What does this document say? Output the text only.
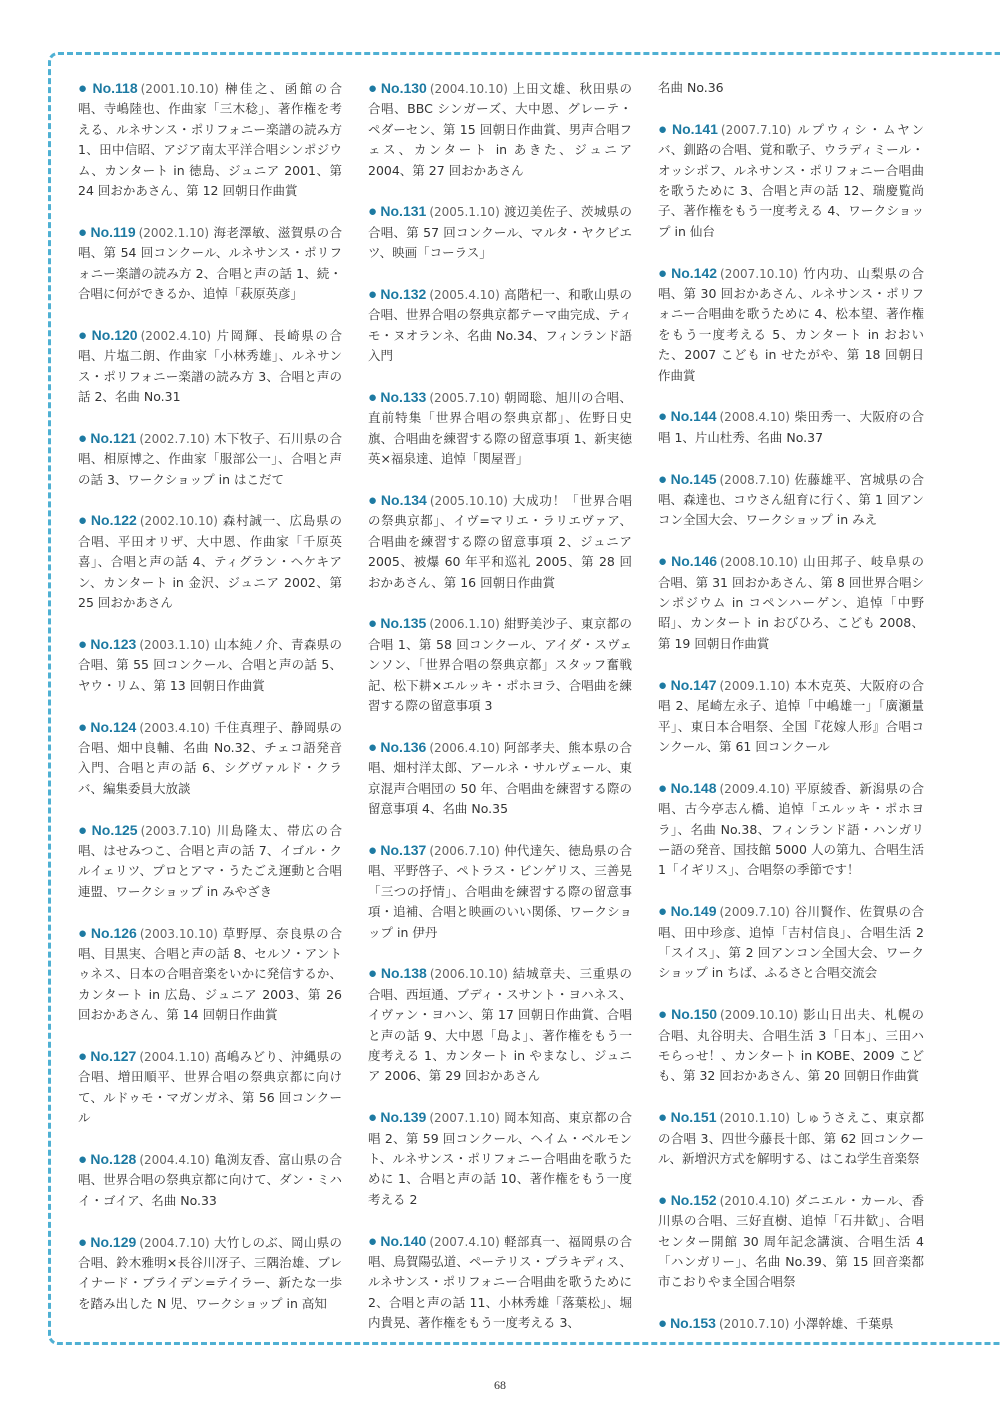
● No.118 (2001.10.10) 榊佳之、函館の合唱、寺嶋陸也、作曲家「三木稔」、著作権を考える、ルネサンス・ポリフォニー楽譜の読み方 1、田中信昭、アジア南太平洋合唱シンポジウム、カンタート in 徳島、ジュニア 2001、第 24 回おかあさん、第 12 回朝日作曲賞

● No.119 (2002.1.10) 海老澤敏、滋賀県の合唱、第 54 回コンクール、ルネサンス・ポリフォニー楽譜の読み方 2、合唱と声の話 1、続・合唱に何ができるか、追悼「萩原英彦」

● No.120 (2002.4.10) 片岡輝、長崎県の合唱、片塩二朗、作曲家「小林秀雄」、ルネサンス・ポリフォニー楽譜の読み方 3、合唱と声の話 2、名曲 No.31

● No.121 (2002.7.10) 木下牧子、石川県の合唱、相原博之、作曲家「服部公一」、合唱と声の話 3、ワークショップ in はこだて

● No.122 (2002.10.10) 森村誠一、広島県の合唱、平田オリザ、大中恩、作曲家「千原英喜」、合唱と声の話 4、ティグラン・ヘケキアン、カンタート in 金沢、ジュニア 2002、第 25 回おかあさん

● No.123 (2003.1.10) 山本純ノ介、青森県の合唱、第 55 回コンクール、合唱と声の話 5、ヤウ・リム、第 13 回朝日作曲賞

● No.124 (2003.4.10) 千住真理子、静岡県の合唱、畑中良輔、名曲 No.32、チェコ語発音入門、合唱と声の話 6、シグヴァルド・クラバ、編集委員大放談

● No.125 (2003.7.10) 川島隆太、帯広の合唱、はせみつこ、合唱と声の話 7、イゴル・クルイェリツ、プロとアマ・うたごえ運動と合唱連盟、ワークショップ in みやざき

● No.126 (2003.10.10) 草野厚、奈良県の合唱、目黒実、合唱と声の話 8、セルソ・アントゥネス、日本の合唱音楽をいかに発信するか、カンタート in 広島、ジュニア 2003、第 26 回おかあさん、第 14 回朝日作曲賞

● No.127 (2004.1.10) 髙嶋みどり、沖縄県の合唱、増田順平、世界合唱の祭典京都に向けて、ルドゥモ・マガンガネ、第 56 回コンクール

● No.128 (2004.4.10) 亀渕友香、富山県の合唱、世界合唱の祭典京都に向けて、ダン・ミハイ・ゴイア、名曲 No.33

● No.129 (2004.7.10) 大竹しのぶ、岡山県の合唱、鈴木雅明×長谷川冴子、三隅治雄、ブレイナード・ブライデン=テイラー、新たな一歩を踏み出した N 児、ワークショップ in 高知

● No.130 (2004.10.10) 上田文雄、秋田県の合唱、BBC シンガーズ、大中恩、グレーテ・ペダーセン、第 15 回朝日作曲賞、男声合唱フェス、カンタート in あきた、ジュニア 2004、第 27 回おかあさん

● No.131 (2005.1.10) 渡辺美佐子、茨城県の合唱、第 57 回コンクール、マルタ・ヤクビエツ、映画「コーラス」

● No.132 (2005.4.10) 高階杞一、和歌山県の合唱、世界合唱の祭典京都テーマ曲完成、ティモ・ヌオランネ、名曲 No.34、フィンランド語入門

● No.133 (2005.7.10) 朝岡聡、旭川の合唱、直前特集「世界合唱の祭典京都」、佐野日史旗、合唱曲を練習する際の留意事項 1、新実徳英×福泉達、追悼「関屋晋」

● No.134 (2005.10.10) 大成功！「世界合唱の祭典京都」、イヴ=マリエ・ラリエヴァア、合唱曲を練習する際の留意事項 2、ジュニア 2005、被爆 60 年平和巡礼 2005、第 28 回おかあさん、第 16 回朝日作曲賞

● No.135 (2006.1.10) 紺野美沙子、東京都の合唱 1、第 58 回コンクール、アイダ・スヴェンソン、「世界合唱の祭典京都」スタッフ奮戦記、松下耕×エルッキ・ポホヨラ、合唱曲を練習する際の留意事項 3

● No.136 (2006.4.10) 阿部孝夫、熊本県の合唱、畑村洋太郎、アールネ・サルヴェール、東京混声合唱団の 50 年、合唱曲を練習する際の留意事項 4、名曲 No.35

● No.137 (2006.7.10) 仲代達矢、徳島県の合唱、平野啓子、ペトラス・ビンゲリス、三善晃「三つの抒情」、合唱曲を練習する際の留意事項・追補、合唱と映画のいい関係、ワークショップ in 伊丹

● No.138 (2006.10.10) 結城章夫、三重県の合唱、西垣通、ブディ・スサント・ヨハネス、イヴァン・ヨハン、第 17 回朝日作曲賞、合唱と声の話 9、大中恩「島よ」、著作権をもう一度考える 1、カンタート in やまなし、ジュニア 2006、第 29 回おかあさん

● No.139 (2007.1.10) 岡本知高、東京都の合唱 2、第 59 回コンクール、ヘイム・ベルモント、ルネサンス・ポリフォニー合唱曲を歌うために 1、合唱と声の話 10、著作権をもう一度考える 2

● No.140 (2007.4.10) 軽部真一、福岡県の合唱、鳥賀陽弘道、ペーテリス・プラキディス、ルネサンス・ポリフォニー合唱曲を歌うために 2、合唱と声の話 11、小林秀雄「落葉松」、堀内貴晃、著作権をもう一度考える 3、

名曲 No.36

● No.141 (2007.7.10) ルプウィシ・ムヤンバ、釧路の合唱、覚和歌子、ウラディミール・オッシポフ、ルネサンス・ポリフォニー合唱曲を歌うために 3、合唱と声の話 12、瑞慶覧尚子、著作権をもう一度考える 4、ワークショップ in 仙台

● No.142 (2007.10.10) 竹内功、山梨県の合唱、第 30 回おかあさん、ルネサンス・ポリフォニー合唱曲を歌うために 4、松本望、著作権をもう一度考える 5、カンタート in おおいた、2007 こども in せたがや、第 18 回朝日作曲賞

● No.144 (2008.4.10) 柴田秀一、大阪府の合唱 1、片山杜秀、名曲 No.37

● No.145 (2008.7.10) 佐藤雄平、宮城県の合唱、森達也、コウさん紐育に行く、第 1 回アンコン全国大会、ワークショップ in みえ

● No.146 (2008.10.10) 山田邦子、岐阜県の合唱、第 31 回おかあさん、第 8 回世界合唱シンポジウム in コペンハーゲン、追悼「中野昭」、カンタート in おびひろ、こども 2008、第 19 回朝日作曲賞

● No.147 (2009.1.10) 本木克英、大阪府の合唱 2、尾崎左永子、追悼「中嶋雄一」「廣瀬量平」、東日本合唱祭、全国『花嫁人形』合唱コンクール、第 61 回コンクール

● No.148 (2009.4.10) 平原綾香、新潟県の合唱、古今亭志ん橋、追悼「エルッキ・ポホヨラ」、名曲 No.38、フィンランド語・ハンガリー語の発音、国技館 5000 人の第九、合唱生活 1「イギリス」、合唱祭の季節です！

● No.149 (2009.7.10) 谷川賢作、佐賀県の合唱、田中珍彦、追悼「吉村信良」、合唱生活 2「スイス」、第 2 回アンコン全国大会、ワークショップ in ちば、ふるさと合唱交流会

● No.150 (2009.10.10) 影山日出夫、札幌の合唱、丸谷明夫、合唱生活 3「日本」、三田ハモらっせ！、カンタート in KOBE、2009 こども、第 32 回おかあさん、第 20 回朝日作曲賞

● No.151 (2010.1.10) しゅうさえこ、東京都の合唱 3、四世今藤長十郎、第 62 回コンクール、新増沢方式を解明する、はこね学生音楽祭

● No.152 (2010.4.10) ダニエル・カール、香川県の合唱、三好直樹、追悼「石井歓」、合唱センター開館 30 周年記念講演、合唱生活 4「ハンガリー」、名曲 No.39、第 15 回音楽都市こおりやま全国合唱祭

● No.153 (2010.7.10) 小澤幹雄、千葉県

68
